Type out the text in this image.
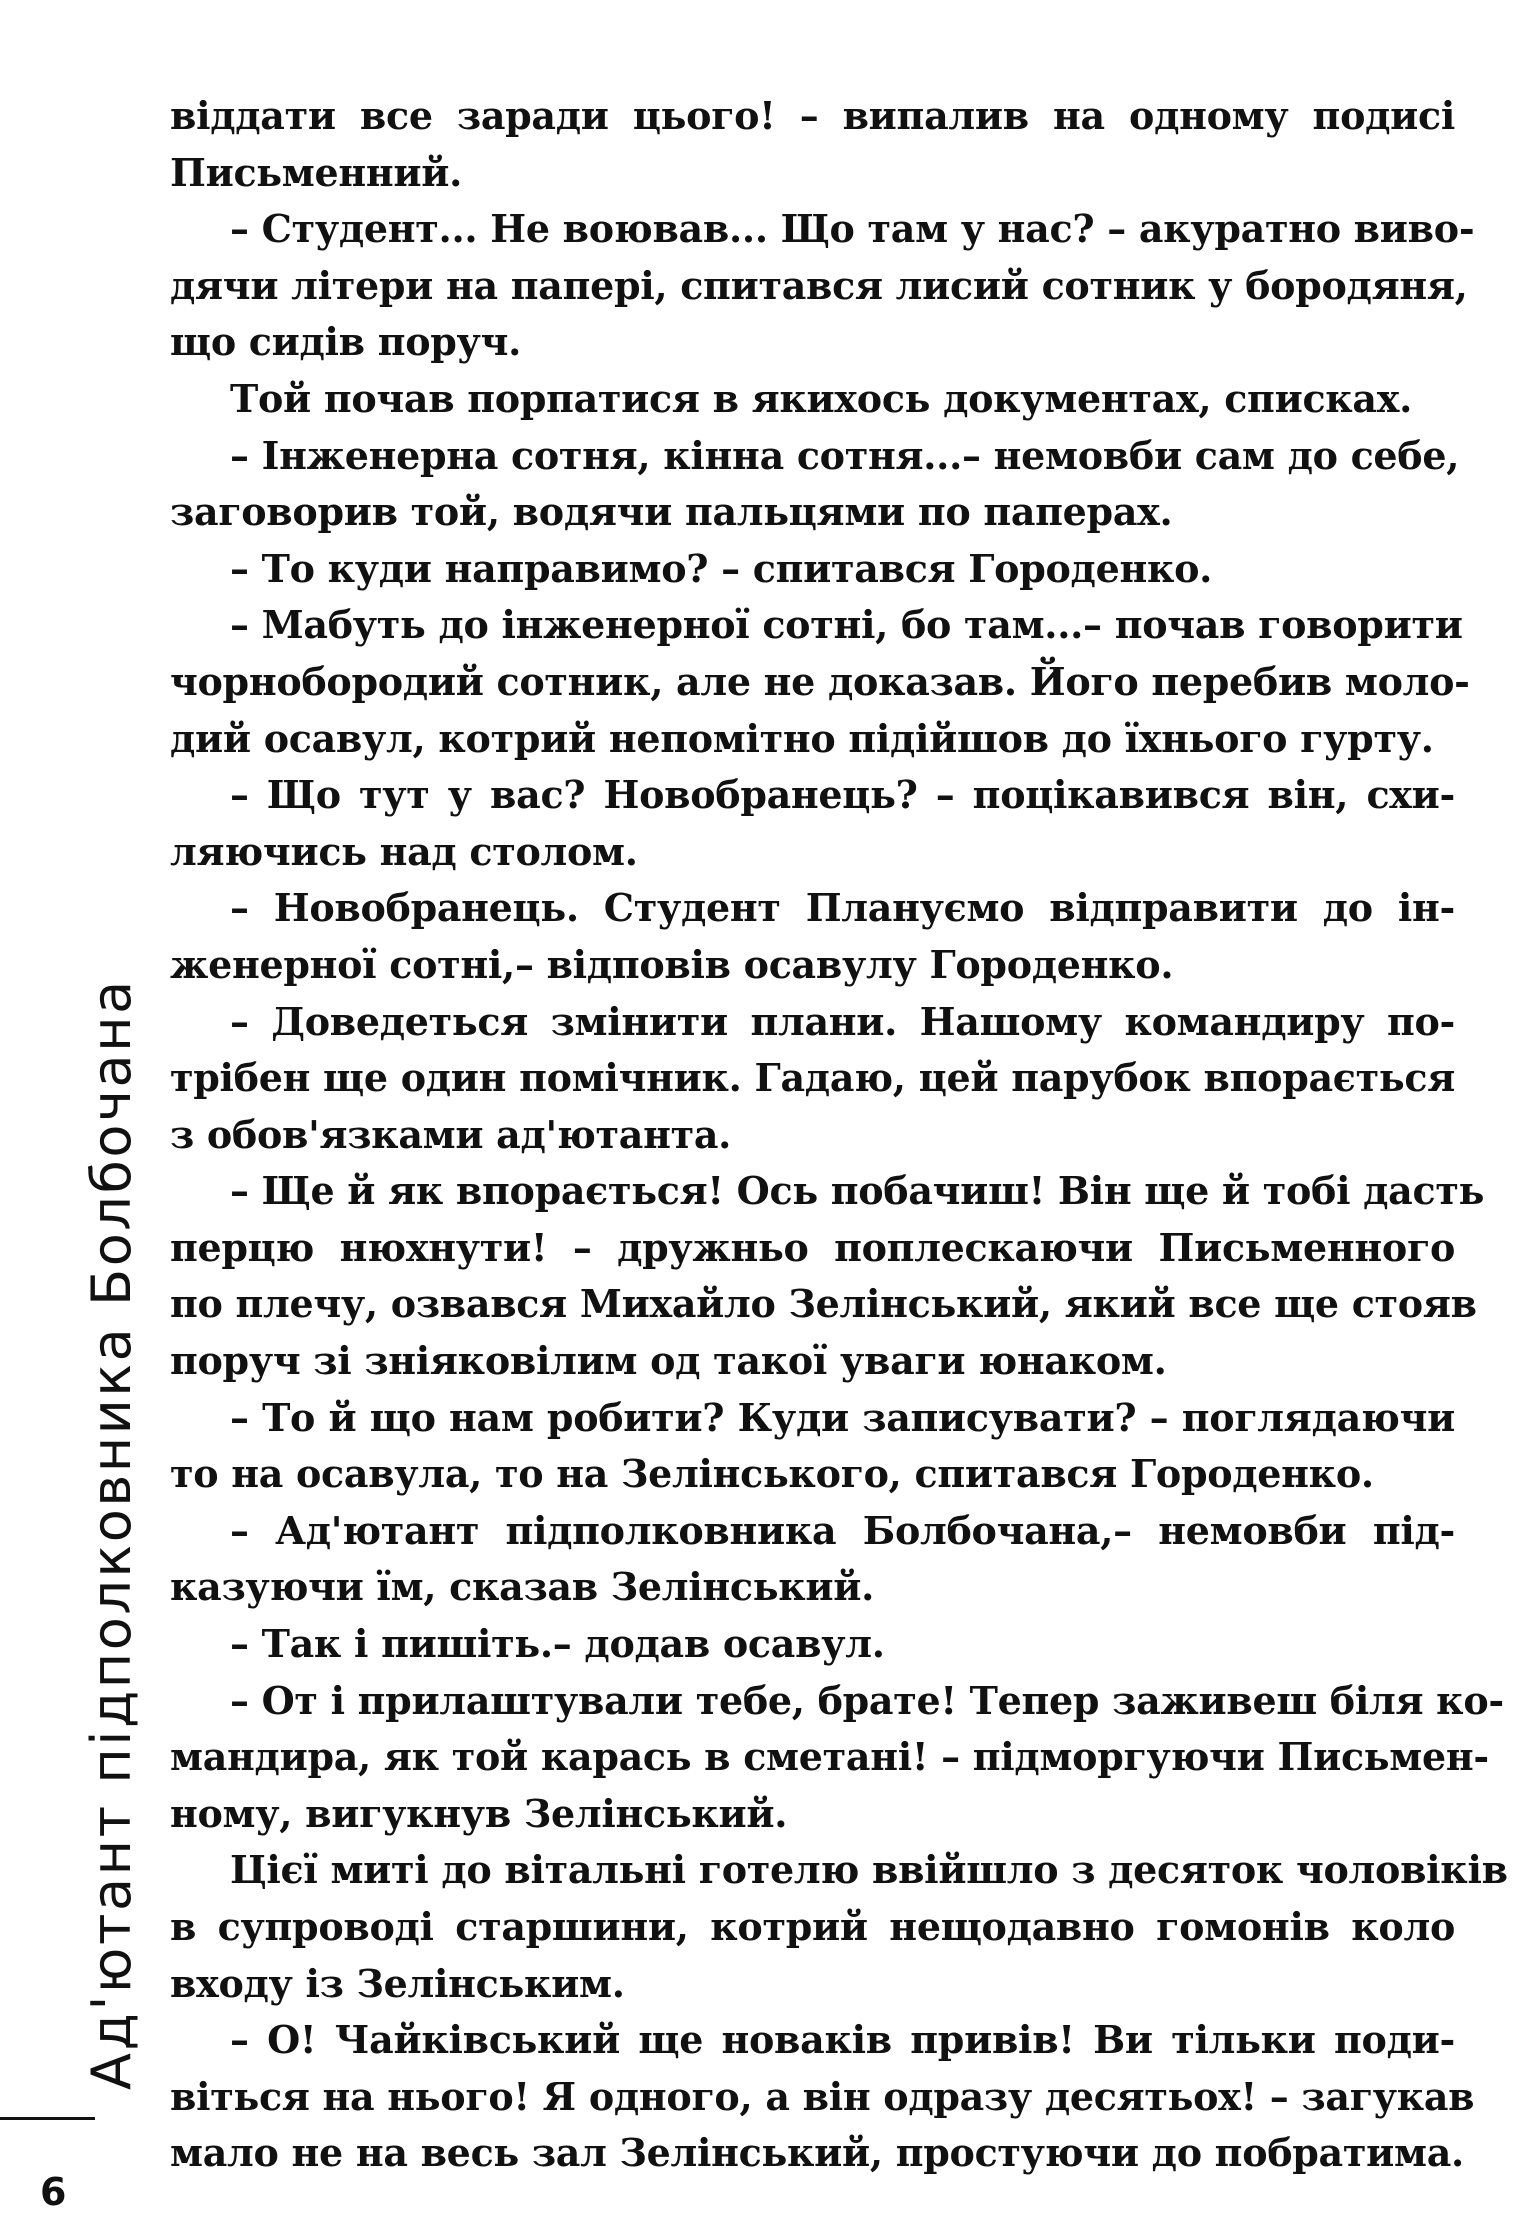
Ад'ютант підполковника Болбочана
6
віддати все заради цього! – випалив на одному подисі
Письменний.
– Студент... Не воював... Що там у нас? – акуратно виво-
дячи літери на папері, спитався лисий сотник у бородяня,
що сидів поруч.
Той почав порпатися в якихось документах, списках.
– Інженерна сотня, кінна сотня...– немовби сам до себе,
заговорив той, водячи пальцями по паперах.
– То куди направимо? – спитався Городенко.
– Мабуть до інженерної сотні, бо там...– почав говорити
чорнобородий сотник, але не доказав. Його перебив моло-
дий осавул, котрий непомітно підійшов до їхнього гурту.
– Що тут у вас? Новобранець? – поцікавився він, схи-
ляючись над столом.
– Новобранець. Студент Плануємо відправити до ін-
женерної сотні,– відповів осавулу Городенко.
– Доведеться змінити плани. Нашому командиру по-
трібен ще один помічник. Гадаю, цей парубок впорається
з обов'язками ад'ютанта.
– Ще й як впорається! Ось побачиш! Він ще й тобі дасть
перцю нюхнути! – дружньо поплескаючи Письменного
по плечу, озвався Михайло Зелінський, який все ще стояв
поруч зі зніяковілим од такої уваги юнаком.
– То й що нам робити? Куди записувати? – поглядаючи
то на осавула, то на Зелінського, спитався Городенко.
– Ад'ютант підполковника Болбочана,– немовби під-
казуючи їм, сказав Зелінський.
– Так і пишіть.– додав осавул.
– От і прилаштували тебе, брате! Тепер заживеш біля ко-
мандира, як той карась в сметані! – підморгуючи Письмен-
ному, вигукнув Зелінський.
Цієї миті до вітальні готелю ввійшло з десяток чоловіків
в супроводі старшини, котрий нещодавно гомонів коло
входу із Зелінським.
– О! Чайківський ще новаків привів! Ви тільки поди-
віться на нього! Я одного, а він одразу десятьох! – загукав
мало не на весь зал Зелінський, простуючи до побратима.
